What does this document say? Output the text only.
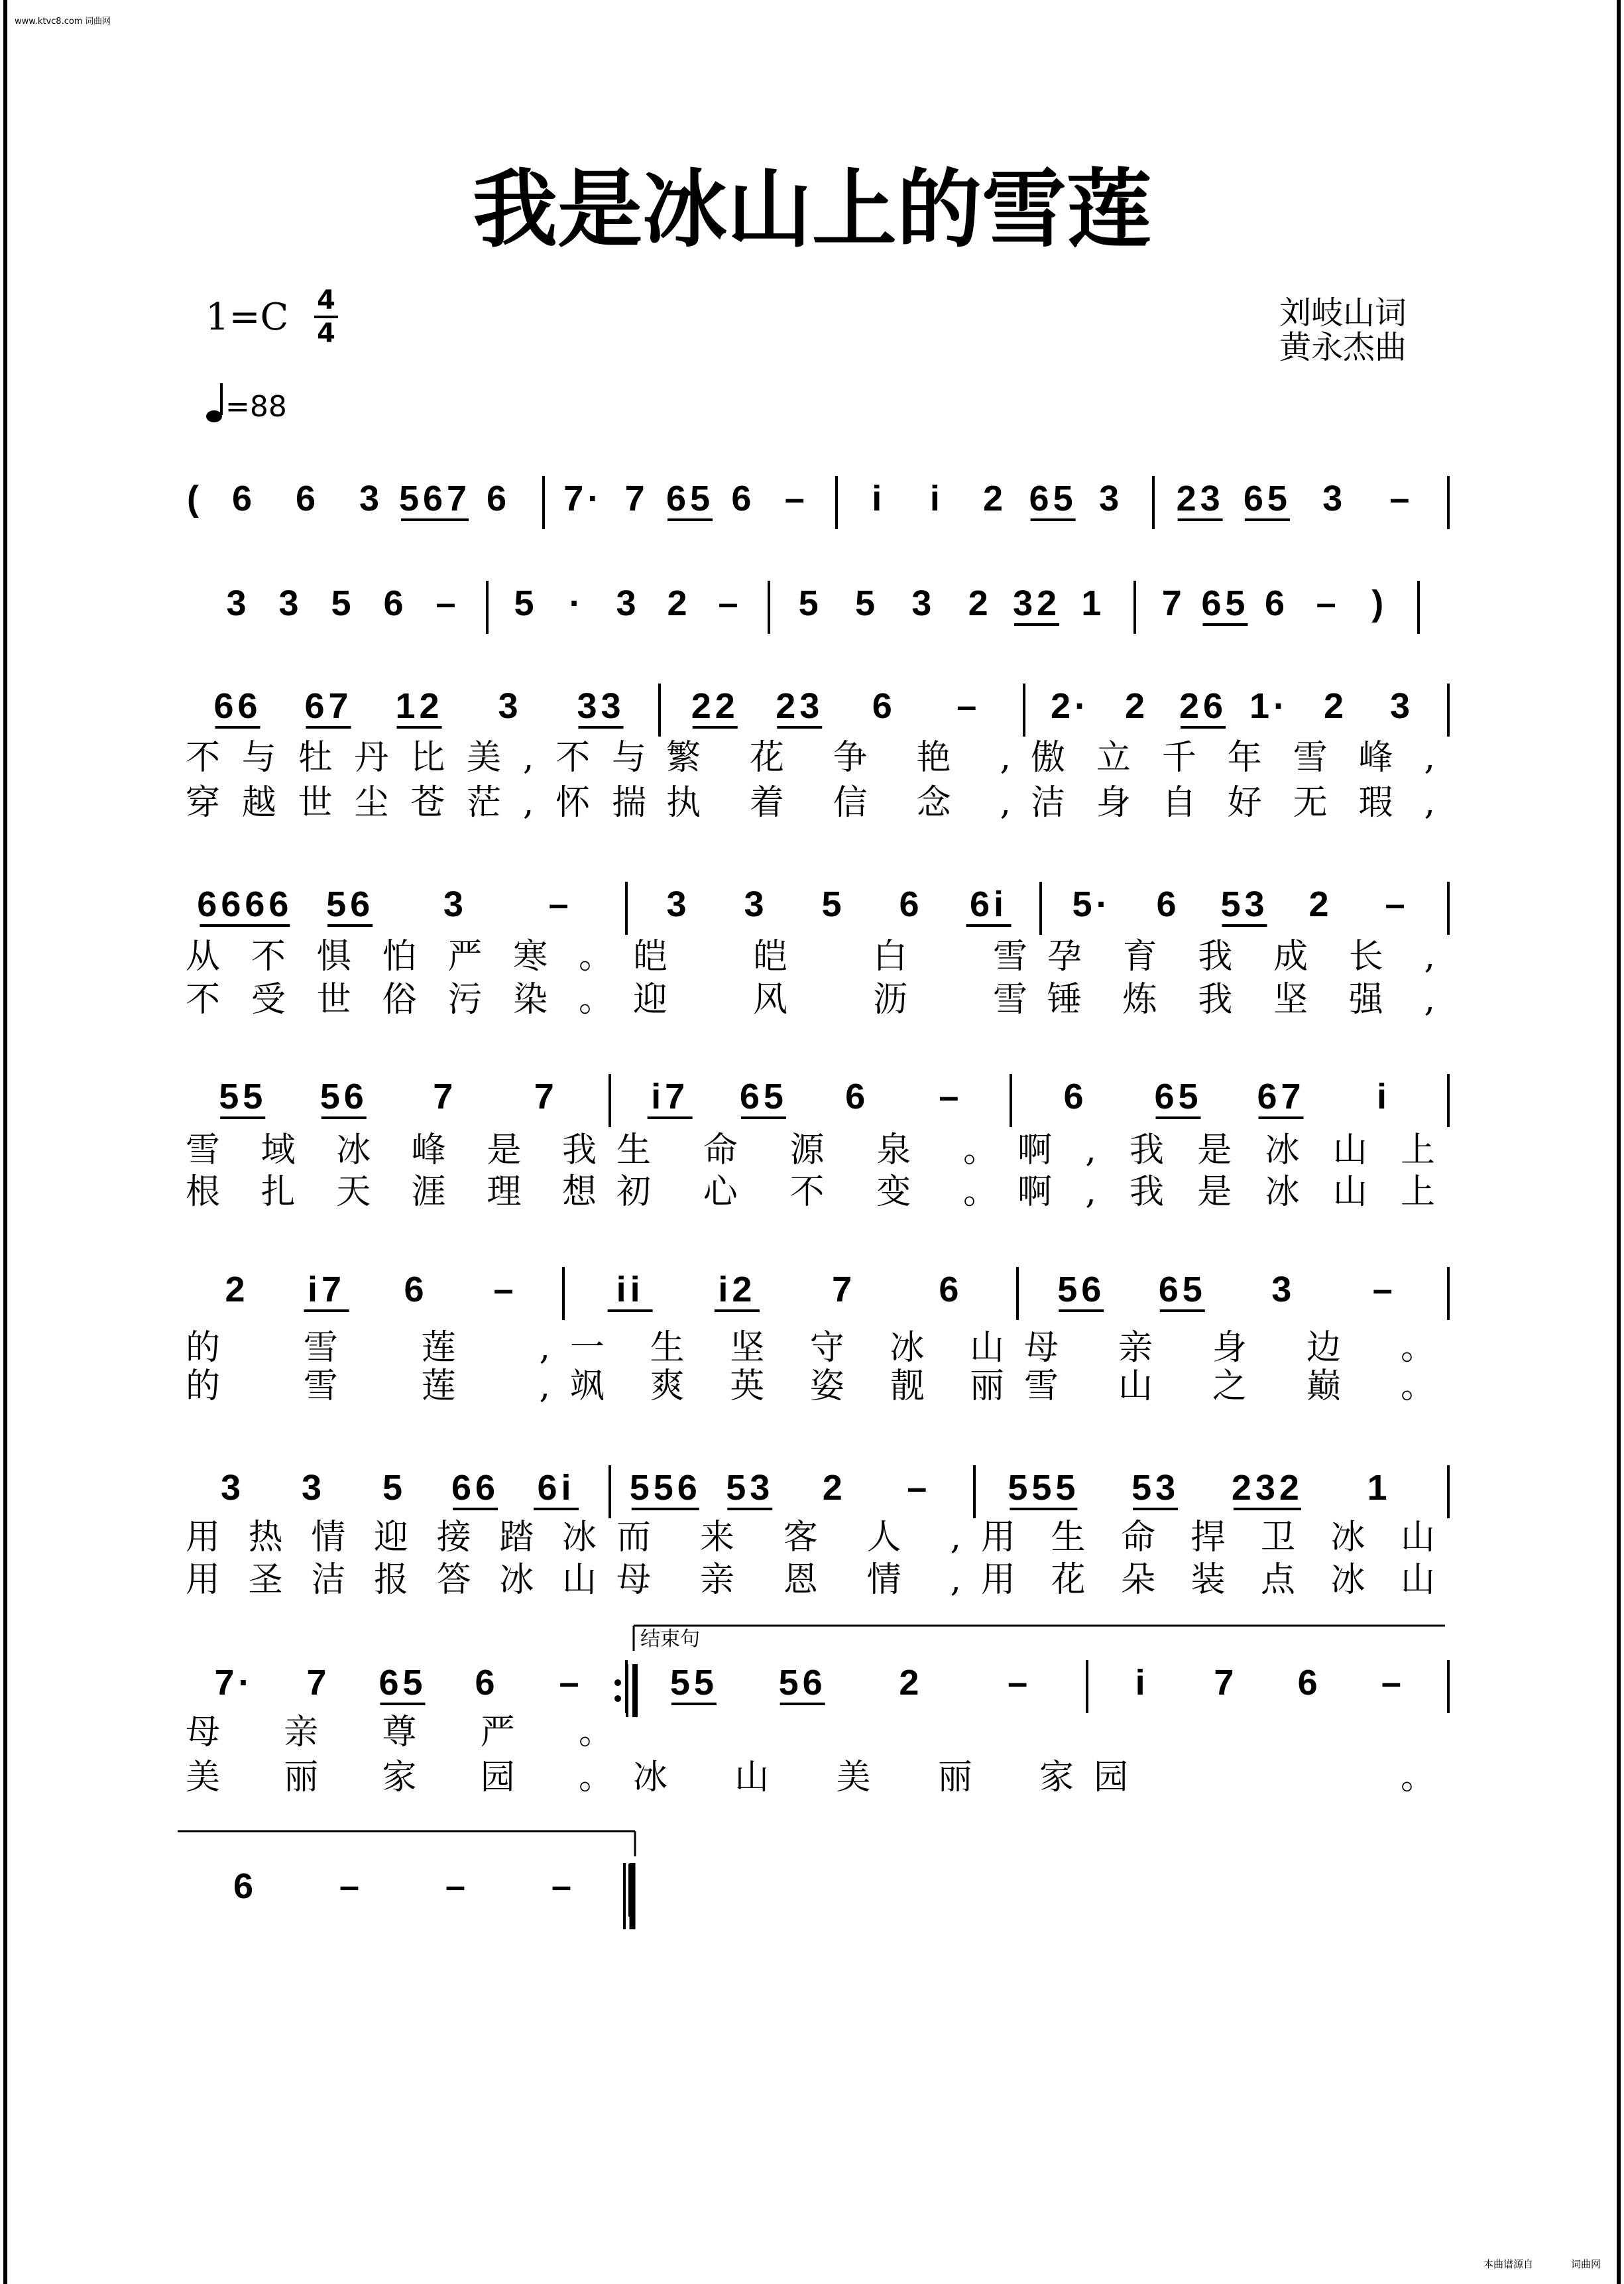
www.ktvc8.com 词曲网
我是冰山上的雪莲
1=C 4
4
=88
刘岐山词
黄永杰曲
( 6 6 3 567 6 7· 7 65 6 – i i 2 65 3 23 65 3 –
3 3 5 6 – 5 · 3 2 – 5 5 3 2 32 1 7 65 6 – )
66 67 12 3 33 22 23 6 – 2· 2 26 1· 2 3
不与牡丹比美,不与 繁花争艳, 傲立千年雪峰,
穿越世尘苍茫,怀揣 执着信念, 洁身自好无瑕,
6666 56 3 –	3 3 5 6 6i 5· 6 53 2 –
从不惧怕严寒。 皑皑白雪 孕育我成长,
不受世俗污染。 迎风沥雪 锤炼我坚强,
55 56 7 7	i7 65 6 –	6 65 67 i
雪域冰峰是我 生命源泉。 啊,我是冰山上
根扎天涯理想 初心不变。 啊,我是冰山上
2 i7 6 –	ii i2 7 6	56 65 3 –
的雪莲, 一生坚守冰山 母亲身边。
的雪莲, 飒爽英姿靓丽 雪山之巅。
3 3 5 66 6i 556 53 2 – 555 53 232 1
用热情迎接踏冰 而来客人, 用生命捍卫冰山
用圣洁报答冰山 母亲恩情, 用花朵装点冰山
7· 7 65 6 – 55 56 2 –	i 7 6 –
母亲尊严。
美丽家园。 冰山美丽家 园。
6 – – –
结束句
本曲谱源自	词曲网
